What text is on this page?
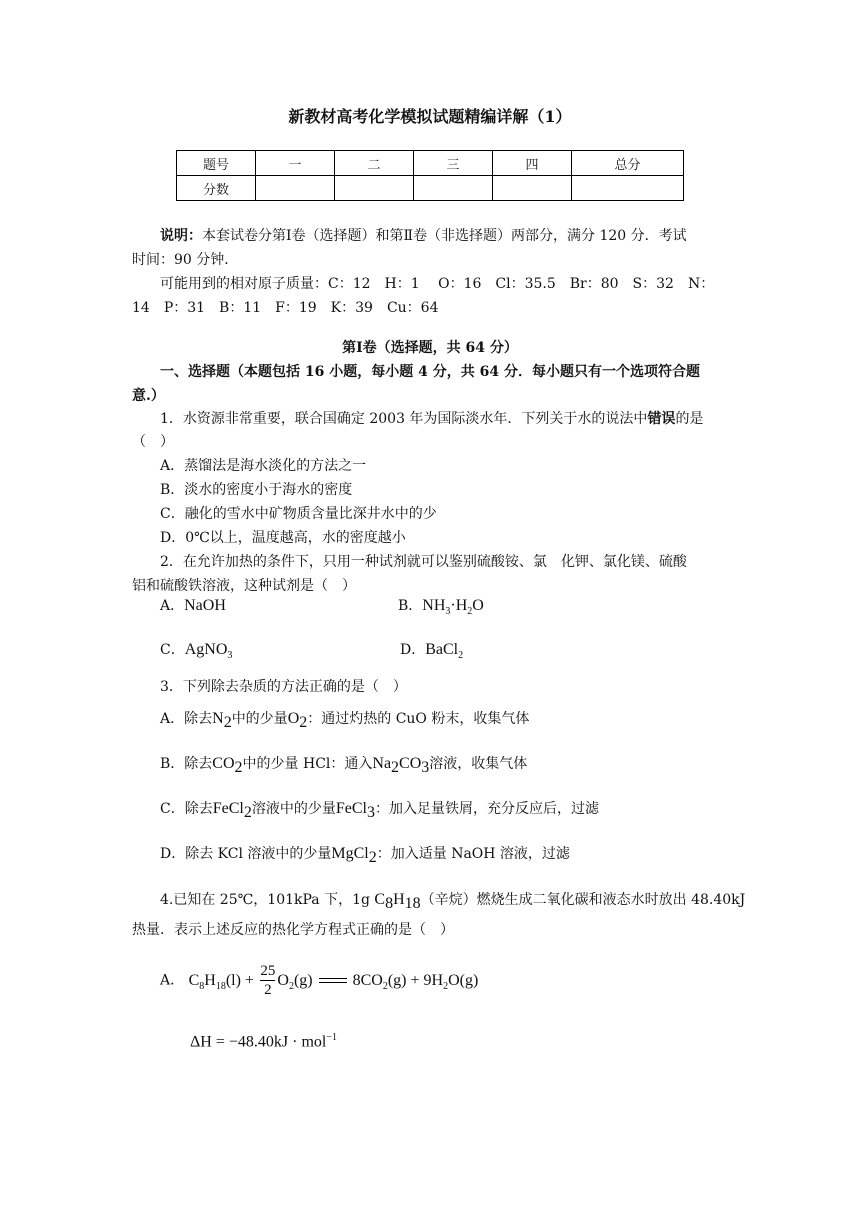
新教材高考化学模拟试题精编详解（1）
题号	一	二	三	四	总分
分数					
说明：本套试卷分第Ⅰ卷（选择题）和第Ⅱ卷（非选择题）两部分，满分 120 分．考试
时间：90 分钟．
可能用到的相对原子质量：C：12　H：1　 O：16　Cl：35.5　Br：80　S：32　N：
14　P：31　B：11　F：19　K：39　Cu：64
第Ⅰ卷（选择题，共 64 分）
一、选择题（本题包括 16 小题，每小题 4 分，共 64 分．每小题只有一个选项符合题
意.）
1．水资源非常重要，联合国确定 2003 年为国际淡水年．下列关于水的说法中错误的是
（　）
A．蒸馏法是海水淡化的方法之一
B．淡水的密度小于海水的密度
C．融化的雪水中矿物质含量比深井水中的少
D．0℃以上，温度越高，水的密度越小
2．在允许加热的条件下，只用一种试剂就可以鉴别硫酸铵、氯　化钾、氯化镁、硫酸
铝和硫酸铁溶液，这种试剂是（　）
A．NaOH	B．$NH_3\cdot H_2O$
C．AgNO$_3$	D．BaCl$_2$
3．下列除去杂质的方法正确的是（　）
A．除去$N_2$中的少量$O_2$：通过灼热的 CuO 粉末，收集气体
B．除去$CO_2$中的少量 HCl：通入$Na_2CO_3$溶液，收集气体
C．除去FeCl$_2$溶液中的少量FeCl$_3$：加入足量铁屑，充分反应后，过滤
D．除去 KCl 溶液中的少量MgCl$_2$：加入适量 NaOH 溶液，过滤
4.已知在 25℃，101kPa 下，1g $C_8H_{18}$（辛烷）燃烧生成二氧化碳和液态水时放出 48.40kJ
热量．表示上述反应的热化学方程式正确的是（　）
A． $C_8H_{18}(l) + \frac{25}{2} O_2(g)$	$8CO_2(g) + 9H_2O(g)$
ΔH = −48.40kJ · mol$^{-1}$
